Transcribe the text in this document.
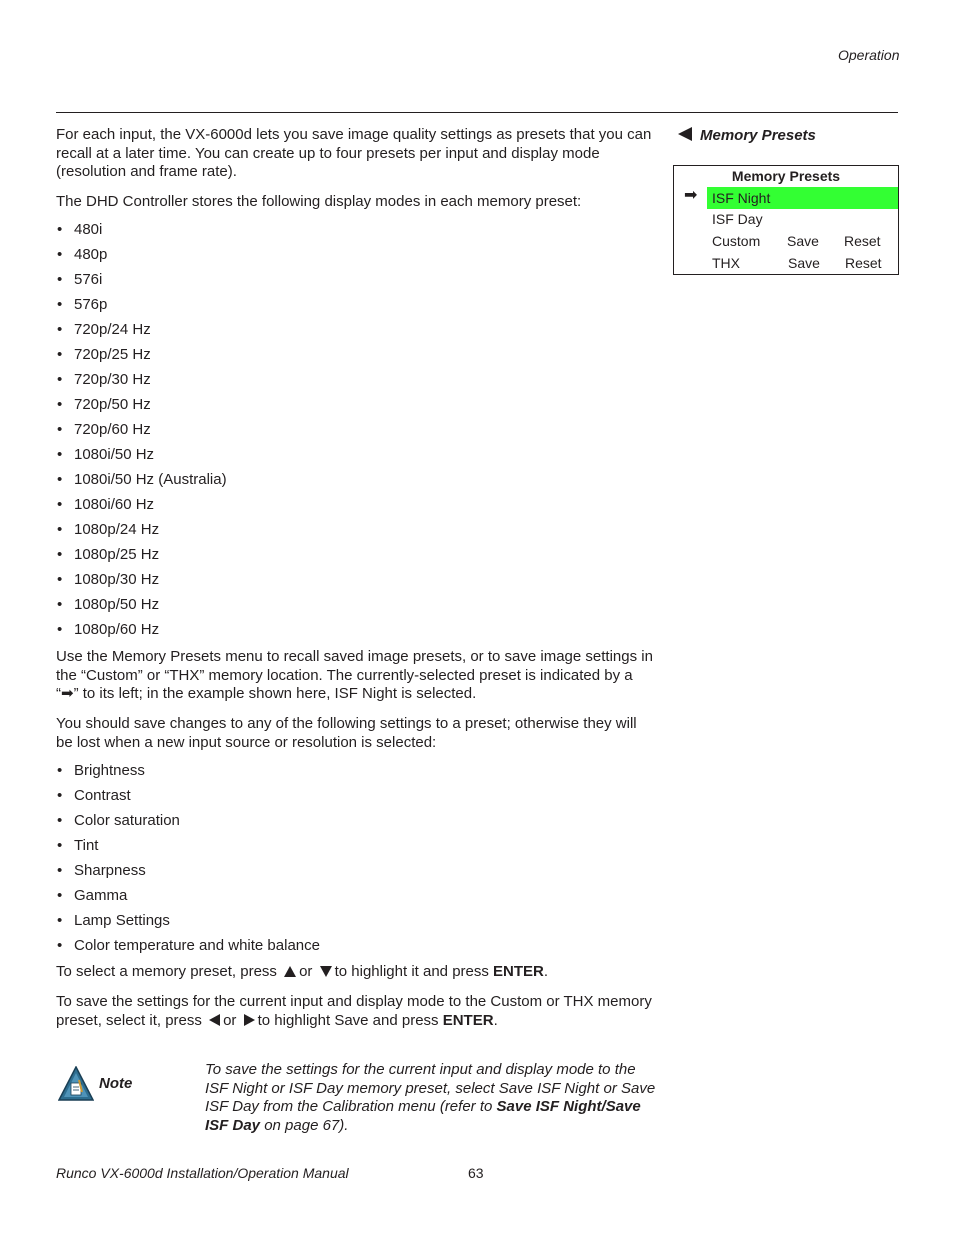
Operation

For each input, the VX-6000d lets you save image quality settings as presets that you can recall at a later time. You can create up to four presets per input and display mode (resolution and frame rate).

The DHD Controller stores the following display modes in each memory preset:

• 480i
• 480p
• 576i
• 576p
• 720p/24 Hz
• 720p/25 Hz
• 720p/30 Hz
• 720p/50 Hz
• 720p/60 Hz
• 1080i/50 Hz
• 1080i/50 Hz (Australia)
• 1080i/60 Hz
• 1080p/24 Hz
• 1080p/25 Hz
• 1080p/30 Hz
• 1080p/50 Hz
• 1080p/60 Hz

Use the Memory Presets menu to recall saved image presets, or to save image settings in the “Custom” or “THX” memory location. The currently-selected preset is indicated by a “➡” to its left; in the example shown here, ISF Night is selected.

You should save changes to any of the following settings to a preset; otherwise they will be lost when a new input source or resolution is selected:

• Brightness
• Contrast
• Color saturation
• Tint
• Sharpness
• Gamma
• Lamp Settings
• Color temperature and white balance

To select a memory preset, press or to highlight it and press ENTER.

To save the settings for the current input and display mode to the Custom or THX memory preset, select it, press or to highlight Save and press ENTER.

Memory Presets
Memory Presets
➡ ISF Night
ISF Day
Custom Save Reset
THX	Save Reset
Note
To save the settings for the current input and display mode to the ISF Night or ISF Day memory preset, select Save ISF Night or Save ISF Day from the Calibration menu (refer to Save ISF Night/Save ISF Day on page 67).
Runco VX-6000d Installation/Operation Manual	63
